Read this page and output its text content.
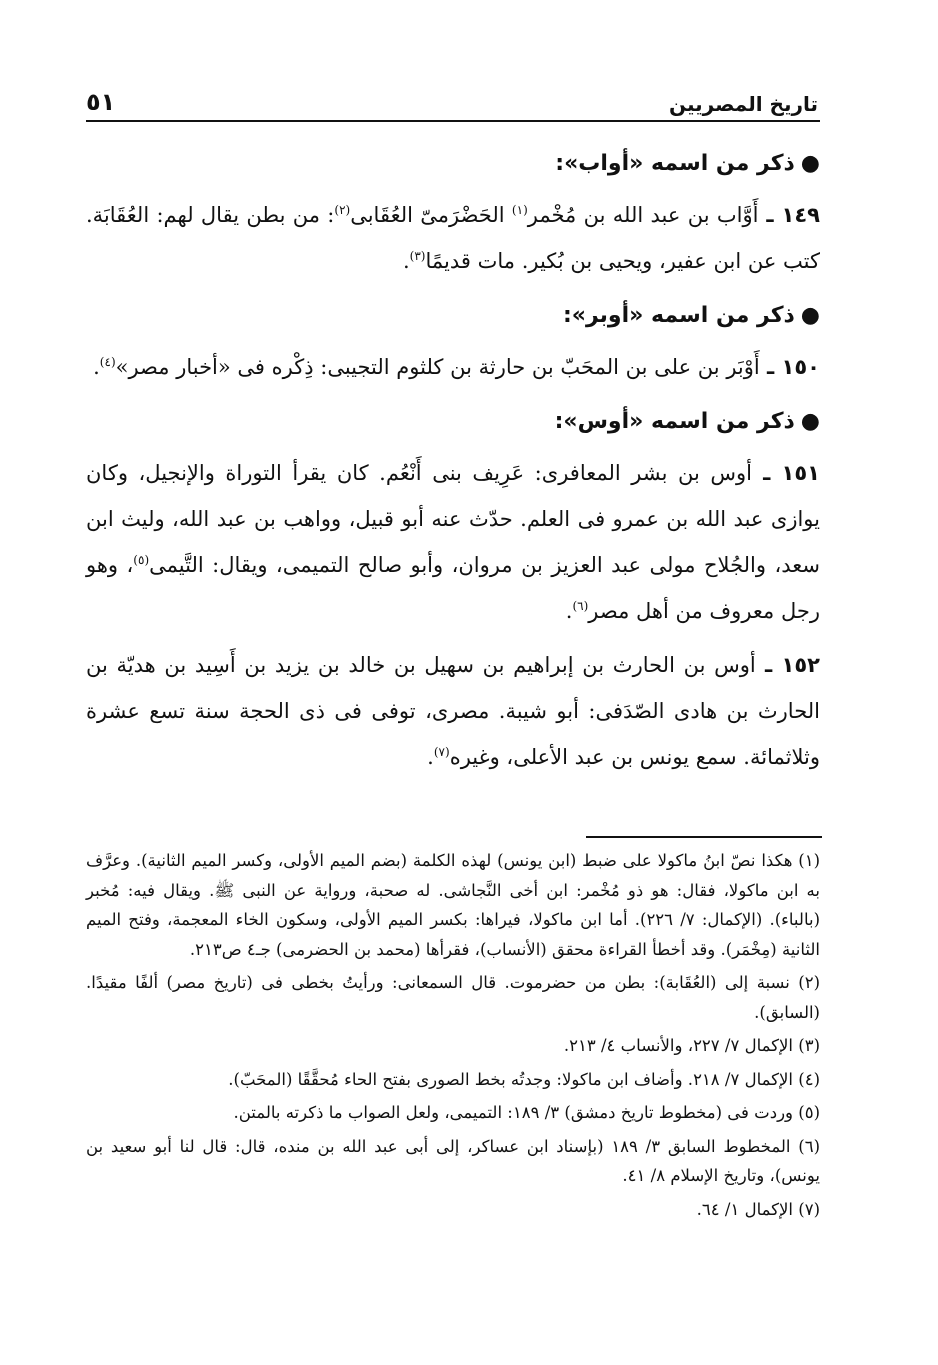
تاريخ المصريين
٥١
●ذكر من اسمه «أواب»:

١٤٩ ـ أَوَّاب بن عبد الله بن مُخْمر$^{(١)}$ الحَضْرَمىّ العُقَابى$^{(٢)}$: من بطن يقال لهم: العُقَابَة. كتب عن ابن عفير، ويحيى بن بُكير. مات قديمًا$^{(٣)}$.

●ذكر من اسمه «أوبر»:

١٥٠ ـ أَوْبَر بن على بن المحَبّ بن حارثة بن كلثوم التجيبى: ذِكْره فى «أخبار مصر»$^{(٤)}$.

●ذكر من اسمه «أوس»:

١٥١ ـ أوس بن بشر المعافرى: عَرِيف بنى أَنْعُم. كان يقرأ التوراة والإنجيل، وكان يوازى عبد الله بن عمرو فى العلم. حدّث عنه أبو قبيل، وواهب بن عبد الله، وليث ابن سعد، والجُلاح مولى عبد العزيز بن مروان، وأبو صالح التميمى، ويقال: التَّيمى$^{(٥)}$، وهو رجل معروف من أهل مصر$^{(٦)}$.

١٥٢ ـ أوس بن الحارث بن إبراهيم بن سهيل بن خالد بن يزيد بن أَسِيد بن هديّة بن الحارث بن هادى الصّدَفى: أبو شيبة. مصرى، توفى فى ذى الحجة سنة تسع عشرة وثلاثمائة. سمع يونس بن عبد الأعلى، وغيره$^{(٧)}$.

(١) هكذا نصّ ابنُ ماكولا على ضبط (ابن يونس) لهذه الكلمة (بضم الميم الأولى، وكسر الميم الثانية). وعرَّف به ابن ماكولا، فقال: هو ذو مُخْمر: ابن أخى النَّجاشى. له صحبة، ورواية عن النبى ﷺ. ويقال فيه: مُخبر (بالباء). (الإكمال: ٧/ ٢٢٦). أما ابن ماكولا، فيراها: بكسر الميم الأولى، وسكون الخاء المعجمة، وفتح الميم الثانية (مِخْمَر). وقد أخطأ القراءة محقق (الأنساب)، فقرأها (محمد بن الحضرمى) جـ٤ ص٢١٣.

(٢) نسبة إلى (العُقَابة): بطن من حضرموت. قال السمعانى: ورأيتُ بخطى فى (تاريخ مصر) ألفًا مقيدًا. (السابق).

(٣) الإكمال ٧/ ٢٢٧، والأنساب ٤/ ٢١٣.

(٤) الإكمال ٧/ ٢١٨. وأضاف ابن ماكولا: وجدتُه بخط الصورى بفتح الحاء مُحقَّقًا (المحَبّ).

(٥) وردت فى (مخطوط تاريخ دمشق) ٣/ ١٨٩: التميمى، ولعل الصواب ما ذكرته بالمتن.

(٦) المخطوط السابق ٣/ ١٨٩ (بإسناد ابن عساكر، إلى أبى عبد الله بن منده، قال: قال لنا أبو سعيد بن يونس)، وتاريخ الإسلام ٨/ ٤١.

(٧) الإكمال ١/ ٦٤.
